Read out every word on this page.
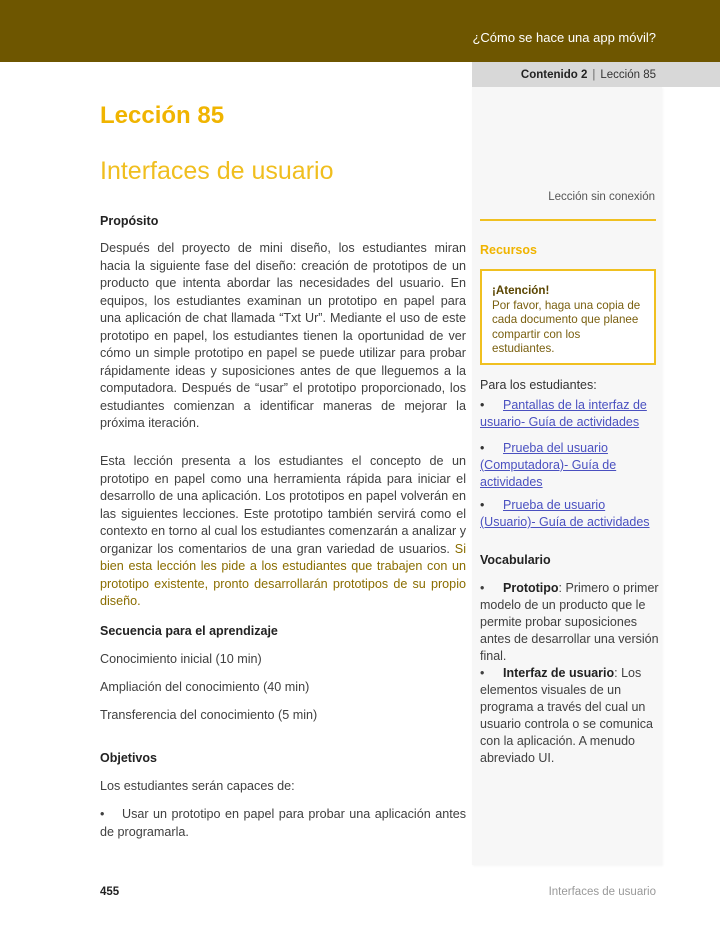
¿Cómo se hace una app móvil?
Contenido 2 | Lección 85
Lección 85
Interfaces de usuario
Propósito
Después del proyecto de mini diseño, los estudiantes miran hacia la siguiente fase del diseño: creación de prototipos de un producto que intenta abordar las necesidades del usuario. En equipos, los estudiantes examinan un prototipo en papel para una aplicación de chat llamada “Txt Ur”. Mediante el uso de este prototipo en papel, los estudiantes tienen la oportunidad de ver cómo un simple prototipo en papel se puede utilizar para probar rápidamente ideas y suposiciones antes de que lleguemos a la computadora. Después de “usar” el prototipo proporcionado, los estudiantes comienzan a identificar maneras de mejorar la próxima iteración.
Esta lección presenta a los estudiantes el concepto de un prototipo en papel como una herramienta rápida para iniciar el desarrollo de una aplicación. Los prototipos en papel volverán en las siguientes lecciones. Este prototipo también servirá como el contexto en torno al cual los estudiantes comenzarán a analizar y organizar los comentarios de una gran variedad de usuarios. Si bien esta lección les pide a los estudiantes que trabajen con un prototipo existente, pronto desarrollarán prototipos de su propio diseño.
Secuencia para el aprendizaje
Conocimiento inicial (10 min)
Ampliación del conocimiento (40 min)
Transferencia del conocimiento (5 min)
Objetivos
Los estudiantes serán capaces de:
• Usar un prototipo en papel para probar una aplicación antes de programarla.
Lección sin conexión
Recursos
¡Atención!
Por favor, haga una copia de cada documento que planee compartir con los estudiantes.
Para los estudiantes:
• Pantallas de la interfaz de usuario- Guía de actividades
• Prueba del usuario (Computadora)- Guía de actividades
• Prueba de usuario (Usuario)- Guía de actividades
Vocabulario
• Prototipo: Primero o primer modelo de un producto que le permite probar suposiciones antes de desarrollar una versión final.
• Interfaz de usuario: Los elementos visuales de un programa a través del cual un usuario controla o se comunica con la aplicación. A menudo abreviado UI.
455	Interfaces de usuario
